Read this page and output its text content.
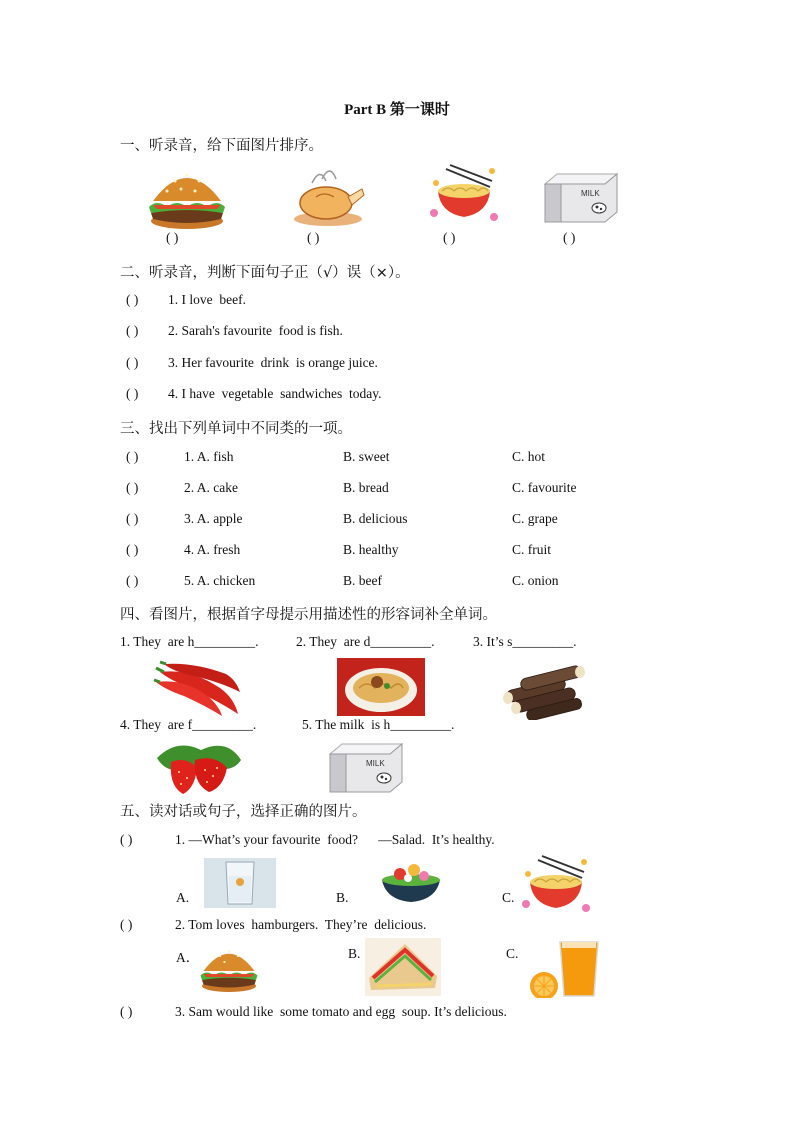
Part B 第一课时
一、听录音，给下面图片排序。
MILK
( )	( )	( )	( )
二、听录音，判断下面句子正（√）误（×）。
( ) 1. I love  beef.
( ) 2. Sarah's favourite  food is fish.
( ) 3. Her favourite  drink  is orange juice.
( ) 4. I have  vegetable  sandwiches  today.
三、找出下列单词中不同类的一项。
( )	1. A. fish	B. sweet	C. hot
( )	2. A. cake	B. bread	C. favourite
( )	3. A. apple	B. delicious	C. grape
( )	4. A. fresh	B. healthy	C. fruit
( )	5. A. chicken	B. beef	C. onion
四、看图片，根据首字母提示用描述性的形容词补全单词。
1. They  are h_________.	2. They  are d_________.	3. It’s s_________.
4. They  are f_________.	5. The milk  is h_________.
MILK
五、读对话或句子，选择正确的图片。
( )	1. —What’s your favourite  food?      —Salad.  It’s healthy.
A.	B.	C.
( )	2. Tom loves  hamburgers.  They’re  delicious.
A．	B.	C.
( )	3. Sam would like  some tomato and egg  soup. It’s delicious.
